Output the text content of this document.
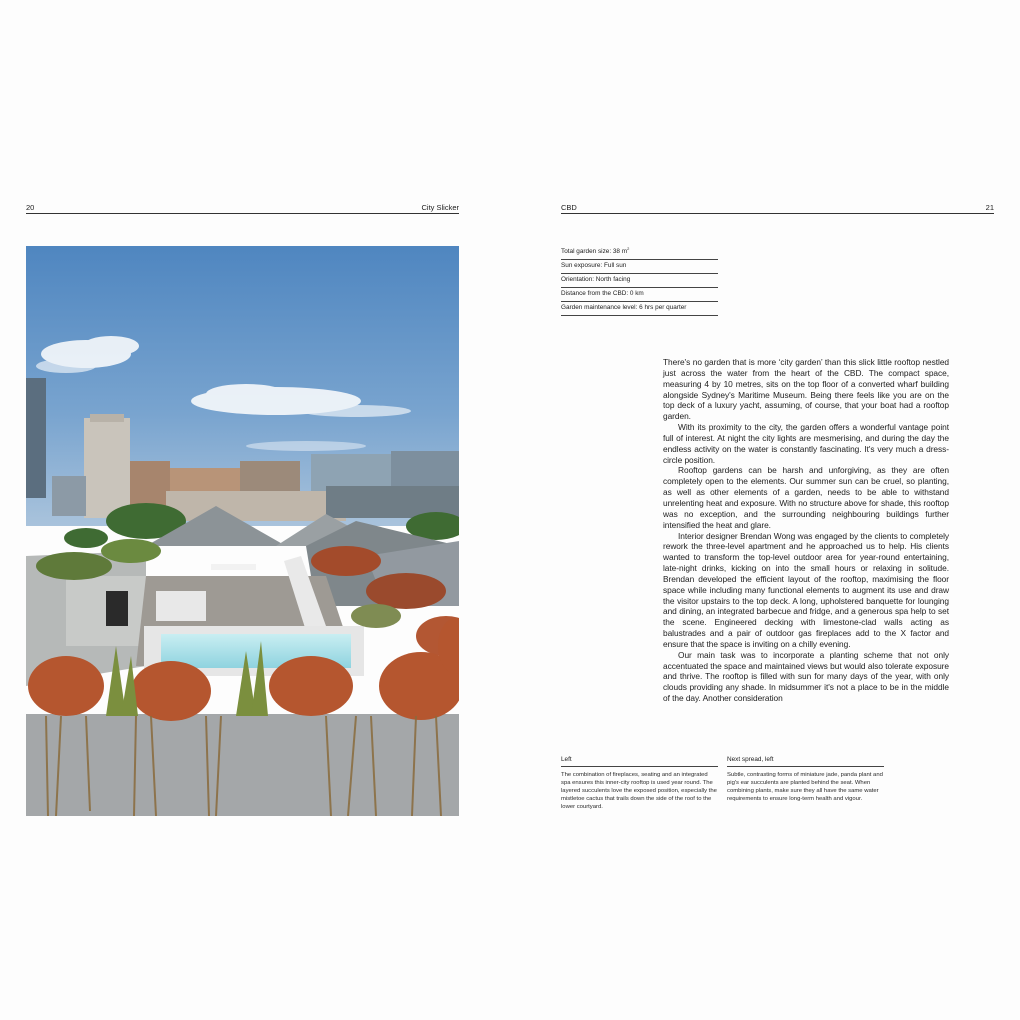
20	City Slicker	CBD	21
Total garden size: 38 $m^2$
Sun exposure: Full sun
Orientation: North facing
Distance from the CBD: 0 km
Garden maintenance level: 6 hrs per quarter

There's no garden that is more ‘city garden’ than this slick little rooftop nestled just across the water from the heart of the CBD. The compact space, measuring 4 by 10 metres, sits on the top floor of a converted wharf building alongside Sydney's Maritime Museum. Being there feels like you are on the top deck of a luxury yacht, assuming, of course, that your boat had a rooftop garden.

With its proximity to the city, the garden offers a wonderful vantage point full of interest. At night the city lights are mesmerising, and during the day the endless activity on the water is constantly fascinating. It's very much a dress-circle position.

Rooftop gardens can be harsh and unforgiving, as they are often completely open to the elements. Our summer sun can be cruel, so planting, as well as other elements of a garden, needs to be able to withstand unrelenting heat and exposure. With no structure above for shade, this rooftop was no exception, and the surrounding neighbouring buildings further intensified the heat and glare.

Interior designer Brendan Wong was engaged by the clients to completely rework the three-level apartment and he approached us to help. His clients wanted to transform the top-level outdoor area for year-round entertaining, late-night drinks, kicking on into the small hours or relaxing in solitude. Brendan developed the efficient layout of the rooftop, maximising the floor space while including many functional elements to augment its use and draw the visitor upstairs to the top deck. A long, upholstered banquette for lounging and dining, an integrated barbecue and fridge, and a generous spa help to set the scene. Engineered decking with limestone-clad walls acting as balustrades and a pair of outdoor gas fireplaces add to the X factor and ensure that the space is inviting on a chilly evening.

Our main task was to incorporate a planting scheme that not only accentuated the space and maintained views but would also tolerate exposure and thrive. The rooftop is filled with sun for many days of the year, with only clouds providing any shade. In midsummer it's not a place to be in the middle of the day. Another consideration

Left
The combination of fireplaces, seating and an integrated spa ensures this inner-city rooftop is used year round. The layered succulents love the exposed position, especially the mistletoe cactus that trails down the side of the roof to the lower courtyard.
Next spread, left
Subtle, contrasting forms of miniature jade, panda plant and pig's ear succulents are planted behind the seat. When combining plants, make sure they all have the same water requirements to ensure long-term health and vigour.
